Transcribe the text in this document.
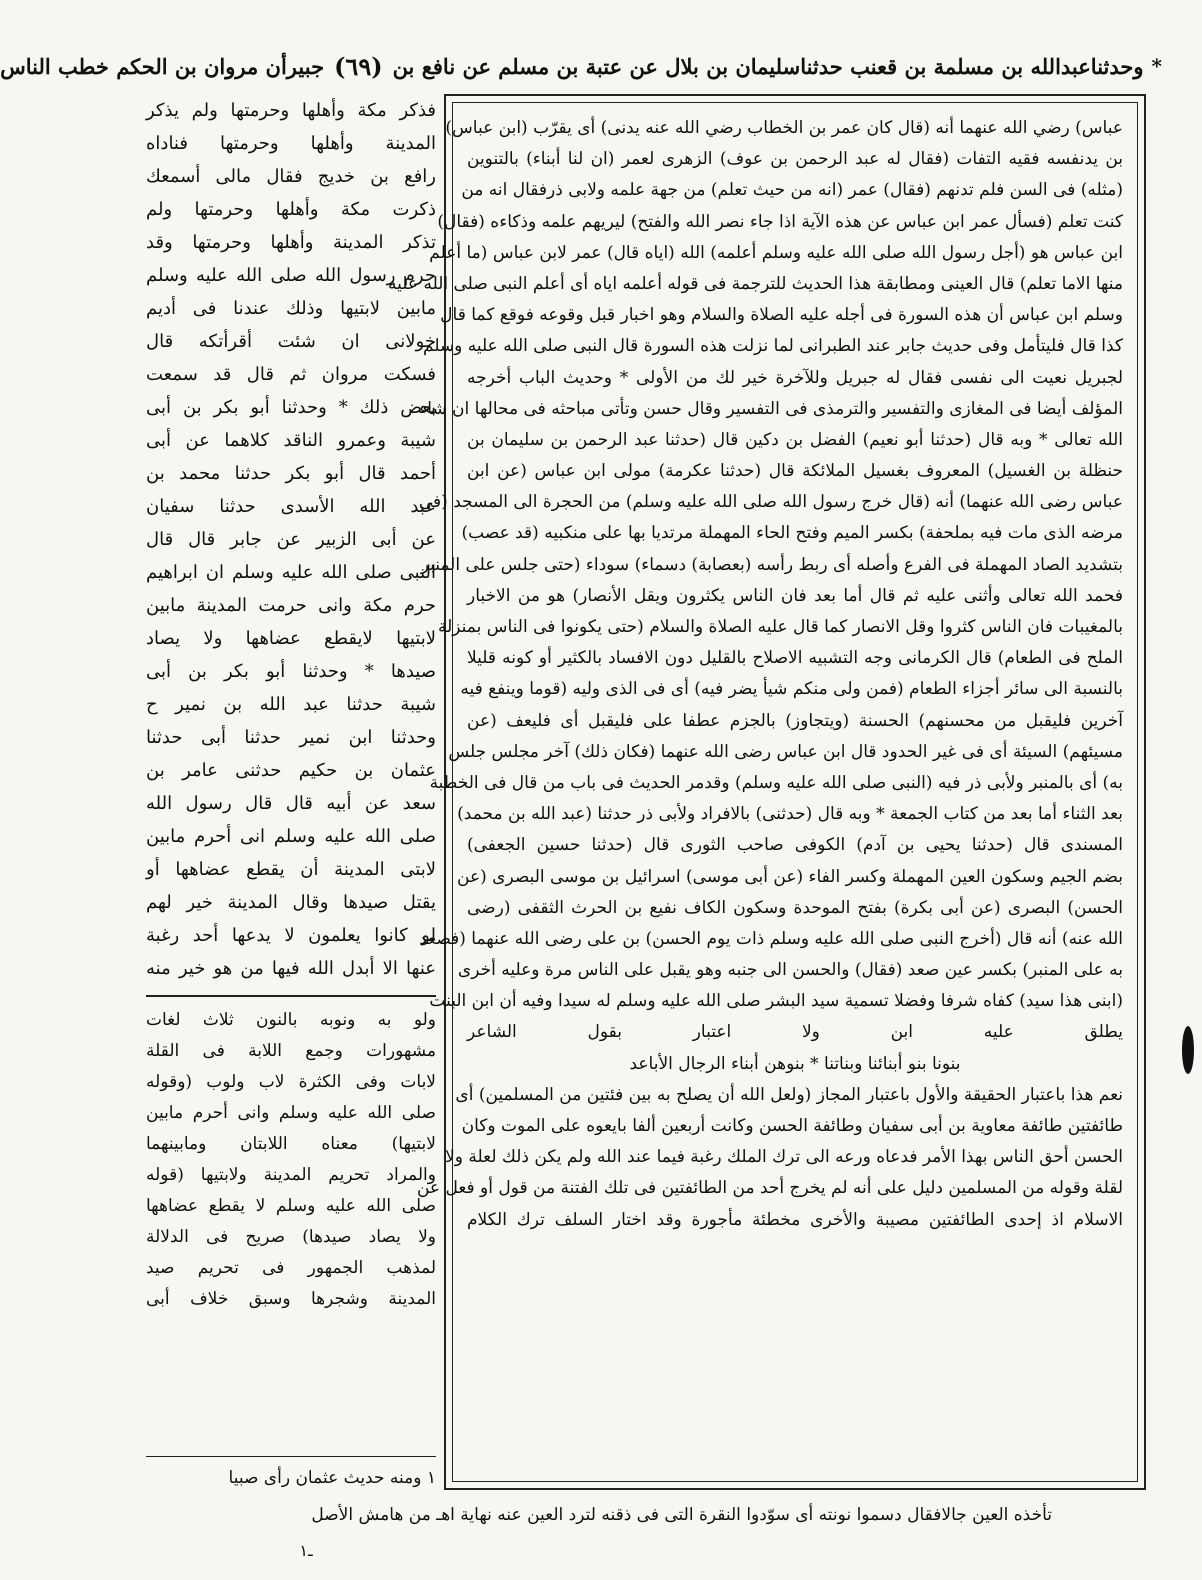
*
وحدثناعبدالله بن مسلمة بن قعنب حدثناسليمان بن بلال عن عتبة بن مسلم عن نافع بن
(٦٩)
جبيرأن مروان بن الحكم خطب الناس
عباس) رضي الله عنهما أنه (قال كان عمر بن الخطاب رضي الله عنه يدنى) أى يقرّب (ابن عباس)
بن يدنفسه فقيه التفات (فقال له عبد الرحمن بن عوف) الزهرى لعمر (ان لنا أبناء) بالتنوين
(مثله) فى السن فلم تدنهم (فقال) عمر (انه من حيث تعلم) من جهة علمه ولابى ذرفقال انه من
كنت تعلم (فسأل عمر ابن عباس عن هذه الآية اذا جاء نصر الله والفتح) ليريهم علمه وذكاءه (فقال)
ابن عباس هو (أجل رسول الله صلى الله عليه وسلم أعلمه) الله (اياه قال) عمر لابن عباس (ما أعلم
منها الاما تعلم) قال العينى ومطابقة هذا الحديث للترجمة فى قوله أعلمه اياه أى أعلم النبى صلى الله عليه
وسلم ابن عباس أن هذه السورة فى أجله عليه الصلاة والسلام وهو اخبار قبل وقوعه فوقع كما قال
كذا قال فليتأمل وفى حديث جابر عند الطبرانى لما نزلت هذه السورة قال النبى صلى الله عليه وسلم
لجبريل نعيت الى نفسى فقال له جبريل وللآخرة خير لك من الأولى * وحديث الباب أخرجه
المؤلف أيضا فى المغازى والتفسير والترمذى فى التفسير وقال حسن وتأتى مباحثه فى محالها ان شاء
الله تعالى * وبه قال (حدثنا أبو نعيم) الفضل بن دكين قال (حدثنا عبد الرحمن بن سليمان بن
حنظلة بن الغسيل) المعروف بغسيل الملائكة قال (حدثنا عكرمة) مولى ابن عباس (عن ابن
عباس رضى الله عنهما) أنه (قال خرج رسول الله صلى الله عليه وسلم) من الحجرة الى المسجد (فى
مرضه الذى مات فيه بملحفة) بكسر الميم وفتح الحاء المهملة مرتديا بها على منكبيه (قد عصب)
بتشديد الصاد المهملة فى الفرع وأصله أى ربط رأسه (بعصابة) دسماء) سوداء (حتى جلس على المنبر
فحمد الله تعالى وأثنى عليه ثم قال أما بعد فان الناس يكثرون ويقل الأنصار) هو من الاخبار
بالمغيبات فان الناس كثروا وقل الانصار كما قال عليه الصلاة والسلام (حتى يكونوا فى الناس بمنزلة
الملح فى الطعام) قال الكرمانى وجه التشبيه الاصلاح بالقليل دون الافساد بالكثير أو كونه قليلا
بالنسبة الى سائر أجزاء الطعام (فمن ولى منكم شيأ يضر فيه) أى فى الذى وليه (قوما وينفع فيه
آخرين فليقبل من محسنهم) الحسنة (ويتجاوز) بالجزم عطفا على فليقبل أى فليعف (عن
مسيئهم) السيئة أى فى غير الحدود قال ابن عباس رضى الله عنهما (فكان ذلك) آخر مجلس جلس
به) أى بالمنبر ولأبى ذر فيه (النبى صلى الله عليه وسلم) وقدمر الحديث فى باب من قال فى الخطبة
بعد الثناء أما بعد من كتاب الجمعة * وبه قال (حدثنى) بالافراد ولأبى ذر حدثنا (عبد الله بن محمد)
المسندى قال (حدثنا يحيى بن آدم) الكوفى صاحب الثورى قال (حدثنا حسين الجعفى)
بضم الجيم وسكون العين المهملة وكسر الفاء (عن أبى موسى) اسرائيل بن موسى البصرى (عن
الحسن) البصرى (عن أبى بكرة) بفتح الموحدة وسكون الكاف نفيع بن الحرث الثقفى (رضى
الله عنه) أنه قال (أخرج النبى صلى الله عليه وسلم ذات يوم الحسن) بن على رضى الله عنهما (فصعد
به على المنبر) بكسر عين صعد (فقال) والحسن الى جنبه وهو يقبل على الناس مرة وعليه أخرى
(ابنى هذا سيد) كفاه شرفا وفضلا تسمية سيد البشر صلى الله عليه وسلم له سيدا وفيه أن ابن البنت
يطلق عليه ابن ولا اعتبار بقول الشاعر
بنونا بنو أبنائنا وبناتنا * بنوهن أبناء الرجال الأباعد
نعم هذا باعتبار الحقيقة والأول باعتبار المجاز (ولعل الله أن يصلح به بين فئتين من المسلمين) أى
طائفتين طائفة معاوية بن أبى سفيان وطائفة الحسن وكانت أربعين ألفا بايعوه على الموت وكان
الحسن أحق الناس بهذا الأمر فدعاه ورعه الى ترك الملك رغبة فيما عند الله ولم يكن ذلك لعلة ولا
لقلة وقوله من المسلمين دليل على أنه لم يخرج أحد من الطائفتين فى تلك الفتنة من قول أو فعل عن
الاسلام اذ إحدى الطائفتين مصيبة والأخرى مخطئة مأجورة وقد اختار السلف ترك الكلام
فذكر مكة وأهلها وحرمتها ولم يذكر
المدينة وأهلها وحرمتها فناداه
رافع بن خديج فقال مالى أسمعك
ذكرت مكة وأهلها وحرمتها ولم
تذكر المدينة وأهلها وحرمتها وقد
حرم رسول الله صلى الله عليه وسلم
مابين لابتيها وذلك عندنا فى أديم
خولانى ان شئت أقرأتكه قال
فسكت مروان ثم قال قد سمعت
بعض ذلك * وحدثنا أبو بكر بن أبى
شيبة وعمرو الناقد كلاهما عن أبى
أحمد قال أبو بكر حدثنا محمد بن
عبد الله الأسدى حدثنا سفيان
عن أبى الزبير عن جابر قال قال
النبى صلى الله عليه وسلم ان ابراهيم
حرم مكة وانى حرمت المدينة مابين
لابتيها لايقطع عضاهها ولا يصاد
صيدها * وحدثنا أبو بكر بن أبى
شيبة حدثنا عبد الله بن نمير ح
وحدثنا ابن نمير حدثنا أبى حدثنا
عثمان بن حكيم حدثنى عامر بن
سعد عن أبيه قال قال رسول الله
صلى الله عليه وسلم انى أحرم مابين
لابتى المدينة أن يقطع عضاهها أو
يقتل صيدها وقال المدينة خير لهم
لو كانوا يعلمون لا يدعها أحد رغبة
عنها الا أبدل الله فيها من هو خير منه
ولو به ونوبه بالنون ثلاث لغات
مشهورات وجمع اللابة فى القلة
لابات وفى الكثرة لاب ولوب (وقوله
صلى الله عليه وسلم وانى أحرم مابين
لابتيها) معناه اللابتان ومابينهما
والمراد تحريم المدينة ولابتيها (قوله
صلى الله عليه وسلم لا يقطع عضاهها
ولا يصاد صيدها) صريح فى الدلالة
لمذهب الجمهور فى تحريم صيد
المدينة وشجرها وسبق خلاف أبى
١ ومنه حديث عثمان رأى صبيا
تأخذه العين جالافقال دسموا نونته أى سوّدوا النقرة التى فى ذقنه لترد العين عنه نهاية اهـ من هامش الأصل
ـ١
